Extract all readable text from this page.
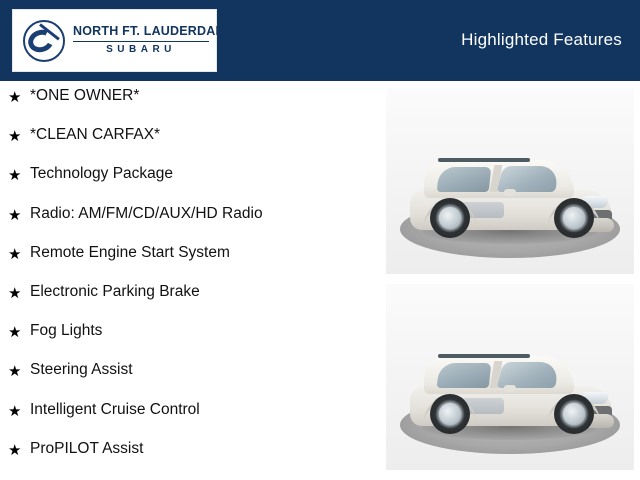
NORTH FT. LAUDERDALE
SUBARU
Highlighted Features
★ *ONE OWNER*
★ *CLEAN CARFAX*
★ Technology Package
★ Radio: AM/FM/CD/AUX/HD Radio
★ Remote Engine Start System
★ Electronic Parking Brake
★ Fog Lights
★ Steering Assist
★ Intelligent Cruise Control
★ ProPILOT Assist
